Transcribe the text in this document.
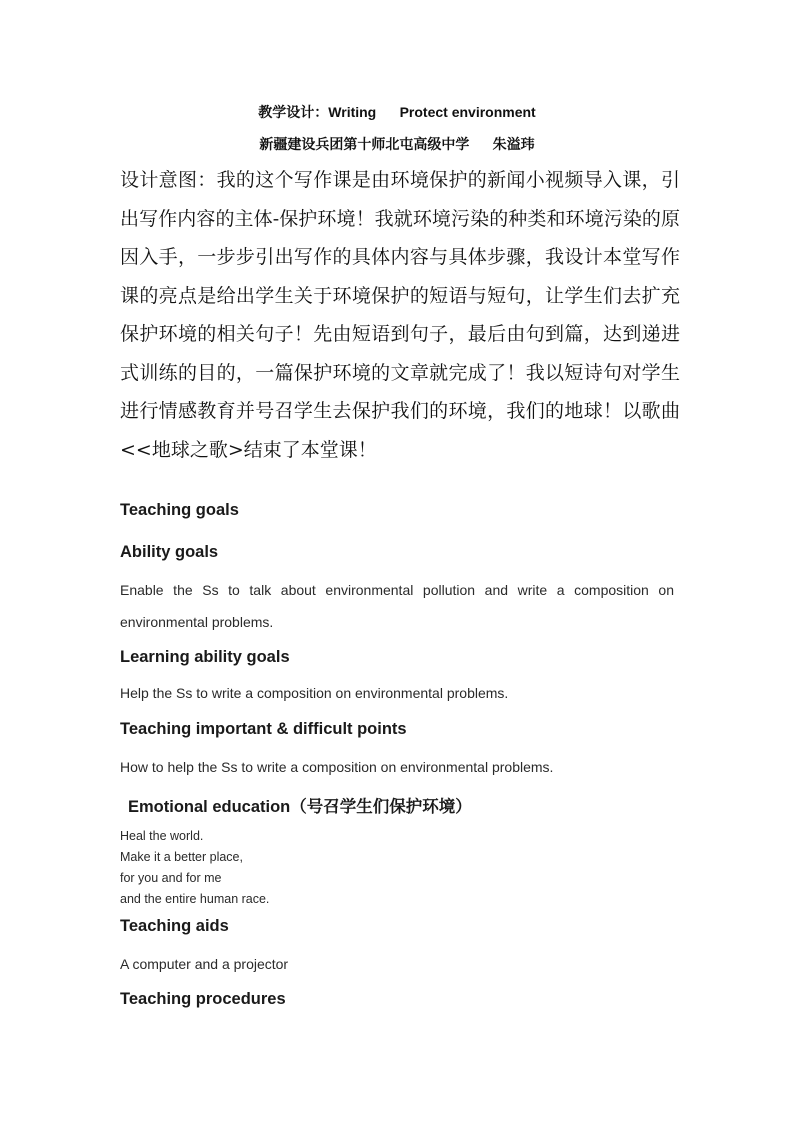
教学设计：Writing      Protect environment
新疆建设兵团第十师北屯高级中学      朱溢玮

设计意图：我的这个写作课是由环境保护的新闻小视频导入课，引出写作内容的主体-保护环境！我就环境污染的种类和环境污染的原因入手，一步步引出写作的具体内容与具体步骤，我设计本堂写作课的亮点是给出学生关于环境保护的短语与短句，让学生们去扩充保护环境的相关句子！先由短语到句子，最后由句到篇，达到递进式训练的目的，一篇保护环境的文章就完成了！我以短诗句对学生进行情感教育并号召学生去保护我们的环境，我们的地球！以歌曲<<地球之歌>结束了本堂课！

Teaching goals
Ability goals

Enable the Ss to talk about environmental pollution and write a composition on environmental problems.

Learning ability goals

Help the Ss to write a composition on environmental problems.

Teaching important & difficult points

How to help the Ss to write a composition on environmental problems.

Emotional education（号召学生们保护环境）
Heal the world.
Make it a better place,
for you and for me
and the entire human race.
Teaching aids

A computer and a projector

Teaching procedures
